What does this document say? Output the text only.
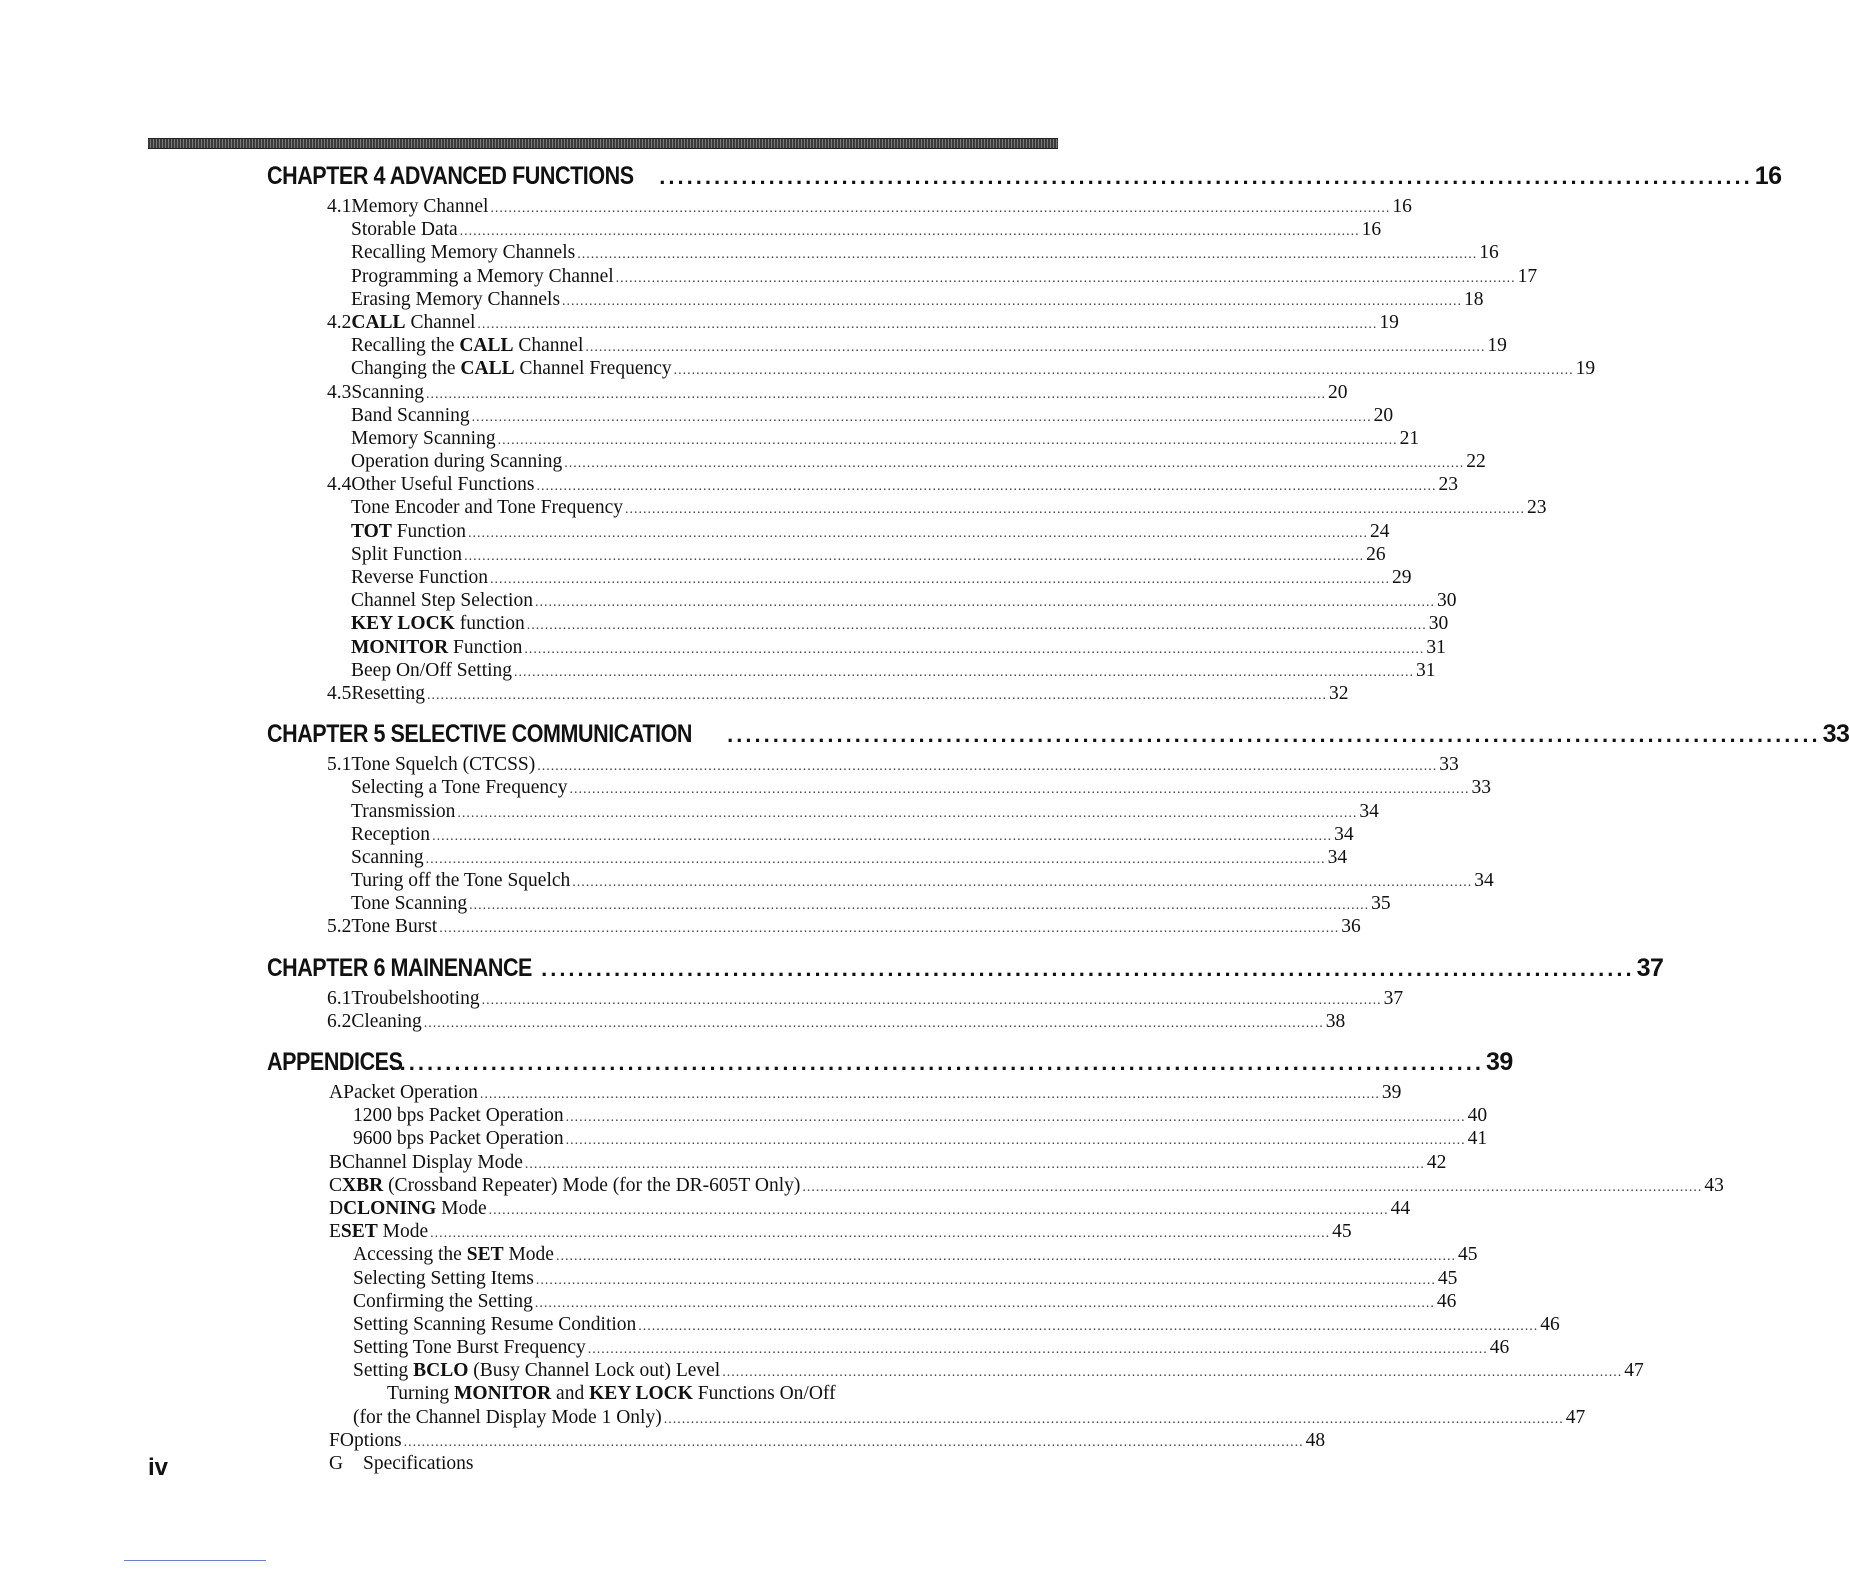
CHAPTER 4 ADVANCED FUNCTIONS ........................................................................................................................ 16
4.1 Memory Channel ........................................................................................................................................................................................................ 16
Storable Data ........................................................................................................................................................................................................ 16
Recalling Memory Channels ........................................................................................................................................................................................................ 16
Programming a Memory Channel ........................................................................................................................................................................................................ 17
Erasing Memory Channels ........................................................................................................................................................................................................ 18
4.2 CALL Channel ........................................................................................................................................................................................................ 19
Recalling the CALL Channel ........................................................................................................................................................................................................ 19
Changing the CALL Channel Frequency ........................................................................................................................................................................................................ 19
4.3 Scanning ........................................................................................................................................................................................................ 20
Band Scanning ........................................................................................................................................................................................................ 20
Memory Scanning ........................................................................................................................................................................................................ 21
Operation during Scanning ........................................................................................................................................................................................................ 22
4.4 Other Useful Functions ........................................................................................................................................................................................................ 23
Tone Encoder and Tone Frequency ........................................................................................................................................................................................................ 23
TOT Function ........................................................................................................................................................................................................ 24
Split Function ........................................................................................................................................................................................................ 26
Reverse Function ........................................................................................................................................................................................................ 29
Channel Step Selection ........................................................................................................................................................................................................ 30
KEY LOCK function ........................................................................................................................................................................................................ 30
MONITOR Function ........................................................................................................................................................................................................ 31
Beep On/Off Setting ........................................................................................................................................................................................................ 31
4.5 Resetting ........................................................................................................................................................................................................ 32
CHAPTER 5 SELECTIVE COMMUNICATION ........................................................................................................................ 33
5.1 Tone Squelch (CTCSS) ........................................................................................................................................................................................................ 33
Selecting a Tone Frequency ........................................................................................................................................................................................................ 33
Transmission ........................................................................................................................................................................................................ 34
Reception ........................................................................................................................................................................................................ 34
Scanning ........................................................................................................................................................................................................ 34
Turing off the Tone Squelch ........................................................................................................................................................................................................ 34
Tone Scanning ........................................................................................................................................................................................................ 35
5.2 Tone Burst ........................................................................................................................................................................................................ 36
CHAPTER 6 MAINENANCE ........................................................................................................................ 37
6.1 Troubelshooting ........................................................................................................................................................................................................ 37
6.2 Cleaning ........................................................................................................................................................................................................ 38
APPENDICES
........................................................................................................................ 39
A Packet Operation ........................................................................................................................................................................................................ 39
1200 bps Packet Operation ........................................................................................................................................................................................................ 40
9600 bps Packet Operation ........................................................................................................................................................................................................ 41
B Channel Display Mode ........................................................................................................................................................................................................ 42
C XBR (Crossband Repeater) Mode (for the DR-605T Only) ........................................................................................................................................................................................................ 43
D CLONING Mode ........................................................................................................................................................................................................ 44
E SET Mode ........................................................................................................................................................................................................ 45
Accessing the SET Mode ........................................................................................................................................................................................................ 45
Selecting Setting Items ........................................................................................................................................................................................................ 45
Confirming the Setting ........................................................................................................................................................................................................ 46
Setting Scanning Resume Condition ........................................................................................................................................................................................................ 46
Setting Tone Burst Frequency ........................................................................................................................................................................................................ 46
Setting BCLO (Busy Channel Lock out) Level ........................................................................................................................................................................................................ 47
Turning MONITOR and KEY LOCK Functions On/Off
(for the Channel Display Mode 1 Only) ........................................................................................................................................................................................................ 47
F Options ........................................................................................................................................................................................................ 48
G	Specifications
iv
